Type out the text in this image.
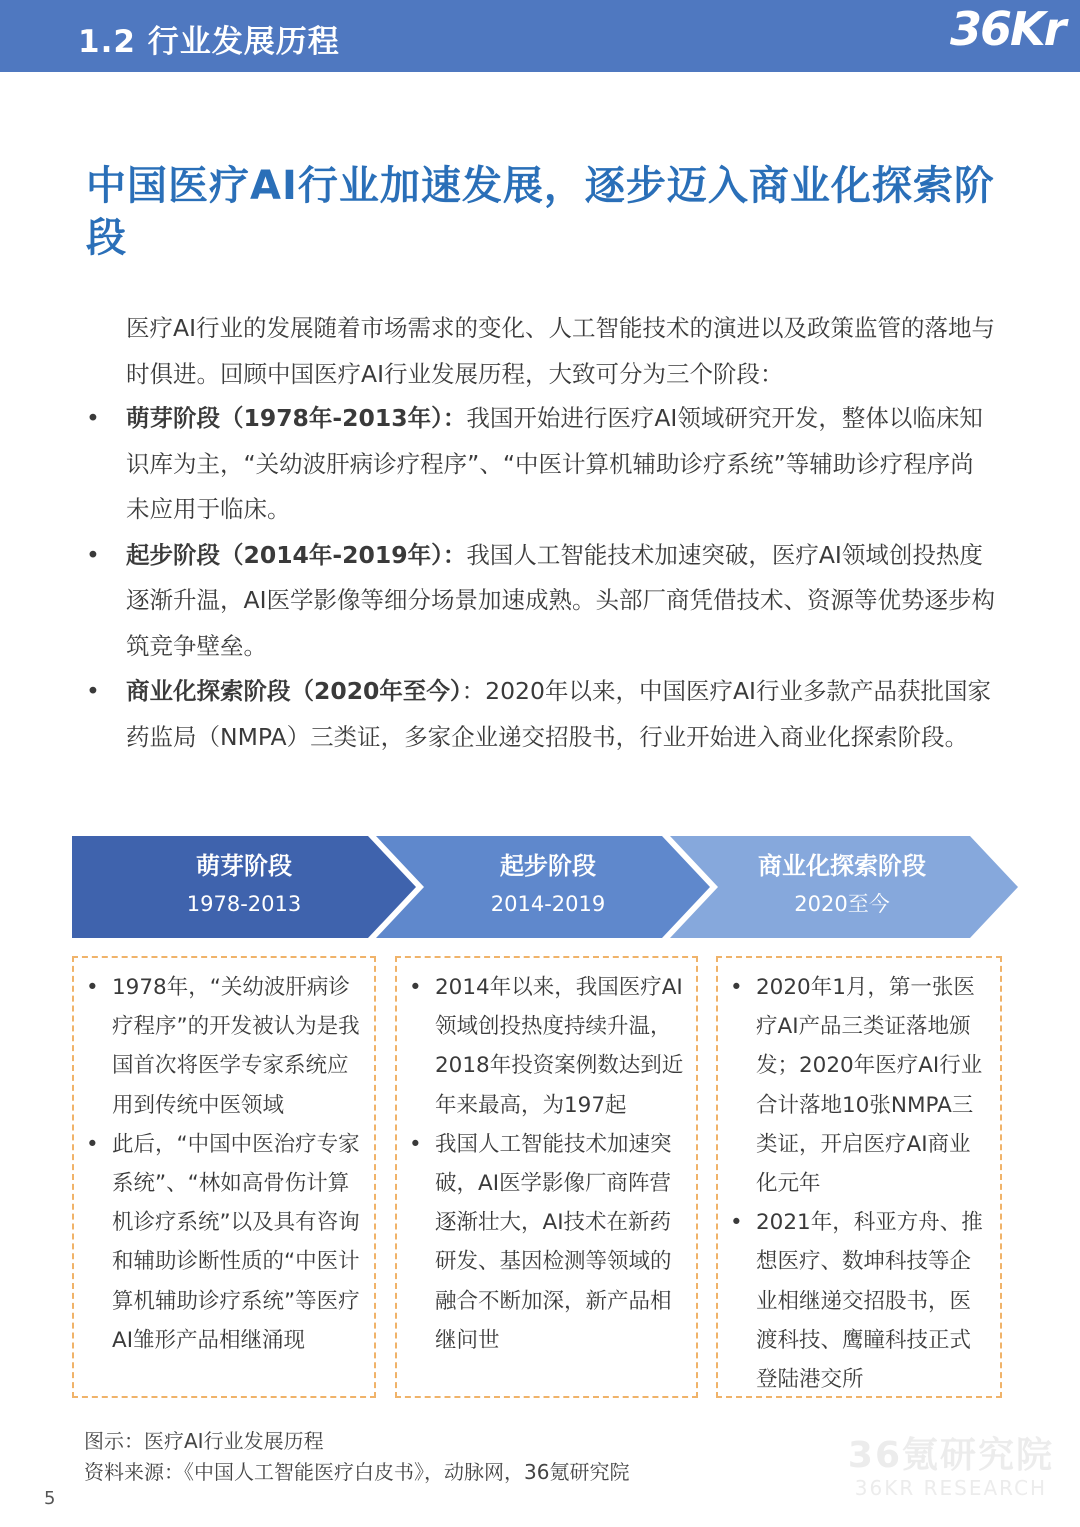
1.2 行业发展历程	36Kr
中国医疗AI行业加速发展，逐步迈入商业化探索阶段

医疗AI行业的发展随着市场需求的变化、人工智能技术的演进以及政策监管的落地与时俱进。回顾中国医疗AI行业发展历程，大致可分为三个阶段：

• 萌芽阶段（1978年-2013年）：我国开始进行医疗AI领域研究开发，整体以临床知识库为主，“关幼波肝病诊疗程序”、“中医计算机辅助诊疗系统”等辅助诊疗程序尚未应用于临床。
• 起步阶段（2014年-2019年）：我国人工智能技术加速突破，医疗AI领域创投热度逐渐升温，AI医学影像等细分场景加速成熟。头部厂商凭借技术、资源等优势逐步构筑竞争壁垒。
• 商业化探索阶段（2020年至今）：2020年以来，中国医疗AI行业多款产品获批国家药监局（NMPA）三类证，多家企业递交招股书，行业开始进入商业化探索阶段。
萌芽阶段
1978-2013
起步阶段
2014-2019
商业化探索阶段
2020至今
• 1978年，“关幼波肝病诊疗程序”的开发被认为是我国首次将医学专家系统应用到传统中医领域
• 此后，“中国中医治疗专家系统”、“林如高骨伤计算机诊疗系统”以及具有咨询和辅助诊断性质的“中医计算机辅助诊疗系统”等医疗AI雏形产品相继涌现
• 2014年以来，我国医疗AI领域创投热度持续升温，2018年投资案例数达到近年来最高，为197起
• 我国人工智能技术加速突破，AI医学影像厂商阵营逐渐壮大，AI技术在新药研发、基因检测等领域的融合不断加深，新产品相继问世
• 2020年1月，第一张医疗AI产品三类证落地颁发；2020年医疗AI行业合计落地10张NMPA三类证，开启医疗AI商业化元年
• 2021年，科亚方舟、推想医疗、数坤科技等企业相继递交招股书，医渡科技、鹰瞳科技正式登陆港交所
图示：医疗AI行业发展历程
资料来源：《中国人工智能医疗白皮书》，动脉网，36氪研究院	36氪研究院
36KR RESEARCH
5
